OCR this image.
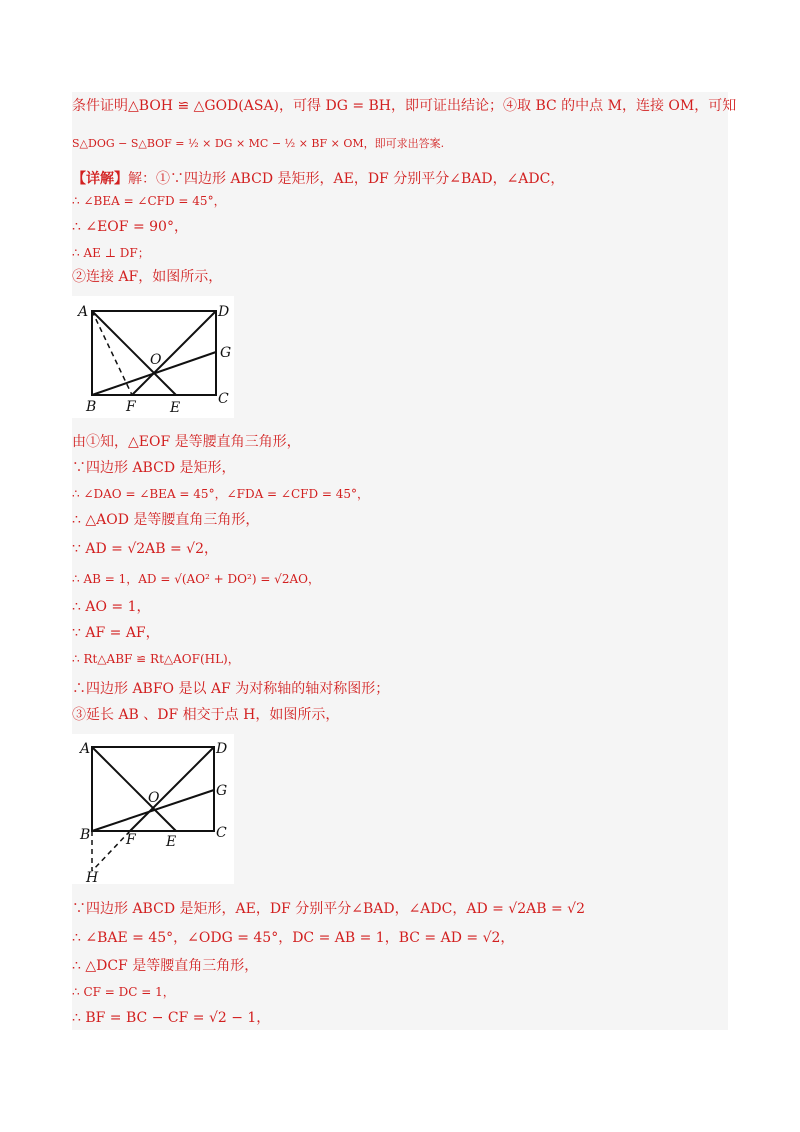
条件证明△BOH ≌ △GOD(ASA)，可得 DG = BH，即可证出结论；④取 BC 的中点 M，连接 OM，可知
S△DOG − S△BOF = ½ × DG × MC − ½ × BF × OM，即可求出答案.
【详解】解：①∵四边形 ABCD 是矩形，AE，DF 分别平分∠BAD，∠ADC，
∴ ∠BEA = ∠CFD = 45°，
∴ ∠EOF = 90°，
∴ AE ⊥ DF；
②连接 AF，如图所示，
A	D
G
C
O
B F E
由①知，△EOF 是等腰直角三角形，
∵四边形 ABCD 是矩形，
∴ ∠DAO = ∠BEA = 45°，∠FDA = ∠CFD = 45°，
∴ △AOD 是等腰直角三角形，
∵ AD = √2AB = √2，
∴ AB = 1，AD = √(AO² + DO²) = √2AO，
∴ AO = 1，
∵ AF = AF，
∴ Rt△ABF ≌ Rt△AOF(HL)，
∴四边形 ABFO 是以 AF 为对称轴的轴对称图形；
③延长 AB 、DF 相交于点 H，如图所示，
A	D
G
C
O
B	F E
H
∵四边形 ABCD 是矩形，AE，DF 分别平分∠BAD，∠ADC，AD = √2AB = √2
∴ ∠BAE = 45°，∠ODG = 45°，DC = AB = 1，BC = AD = √2，
∴ △DCF 是等腰直角三角形，
∴ CF = DC = 1，
∴ BF = BC − CF = √2 − 1，
